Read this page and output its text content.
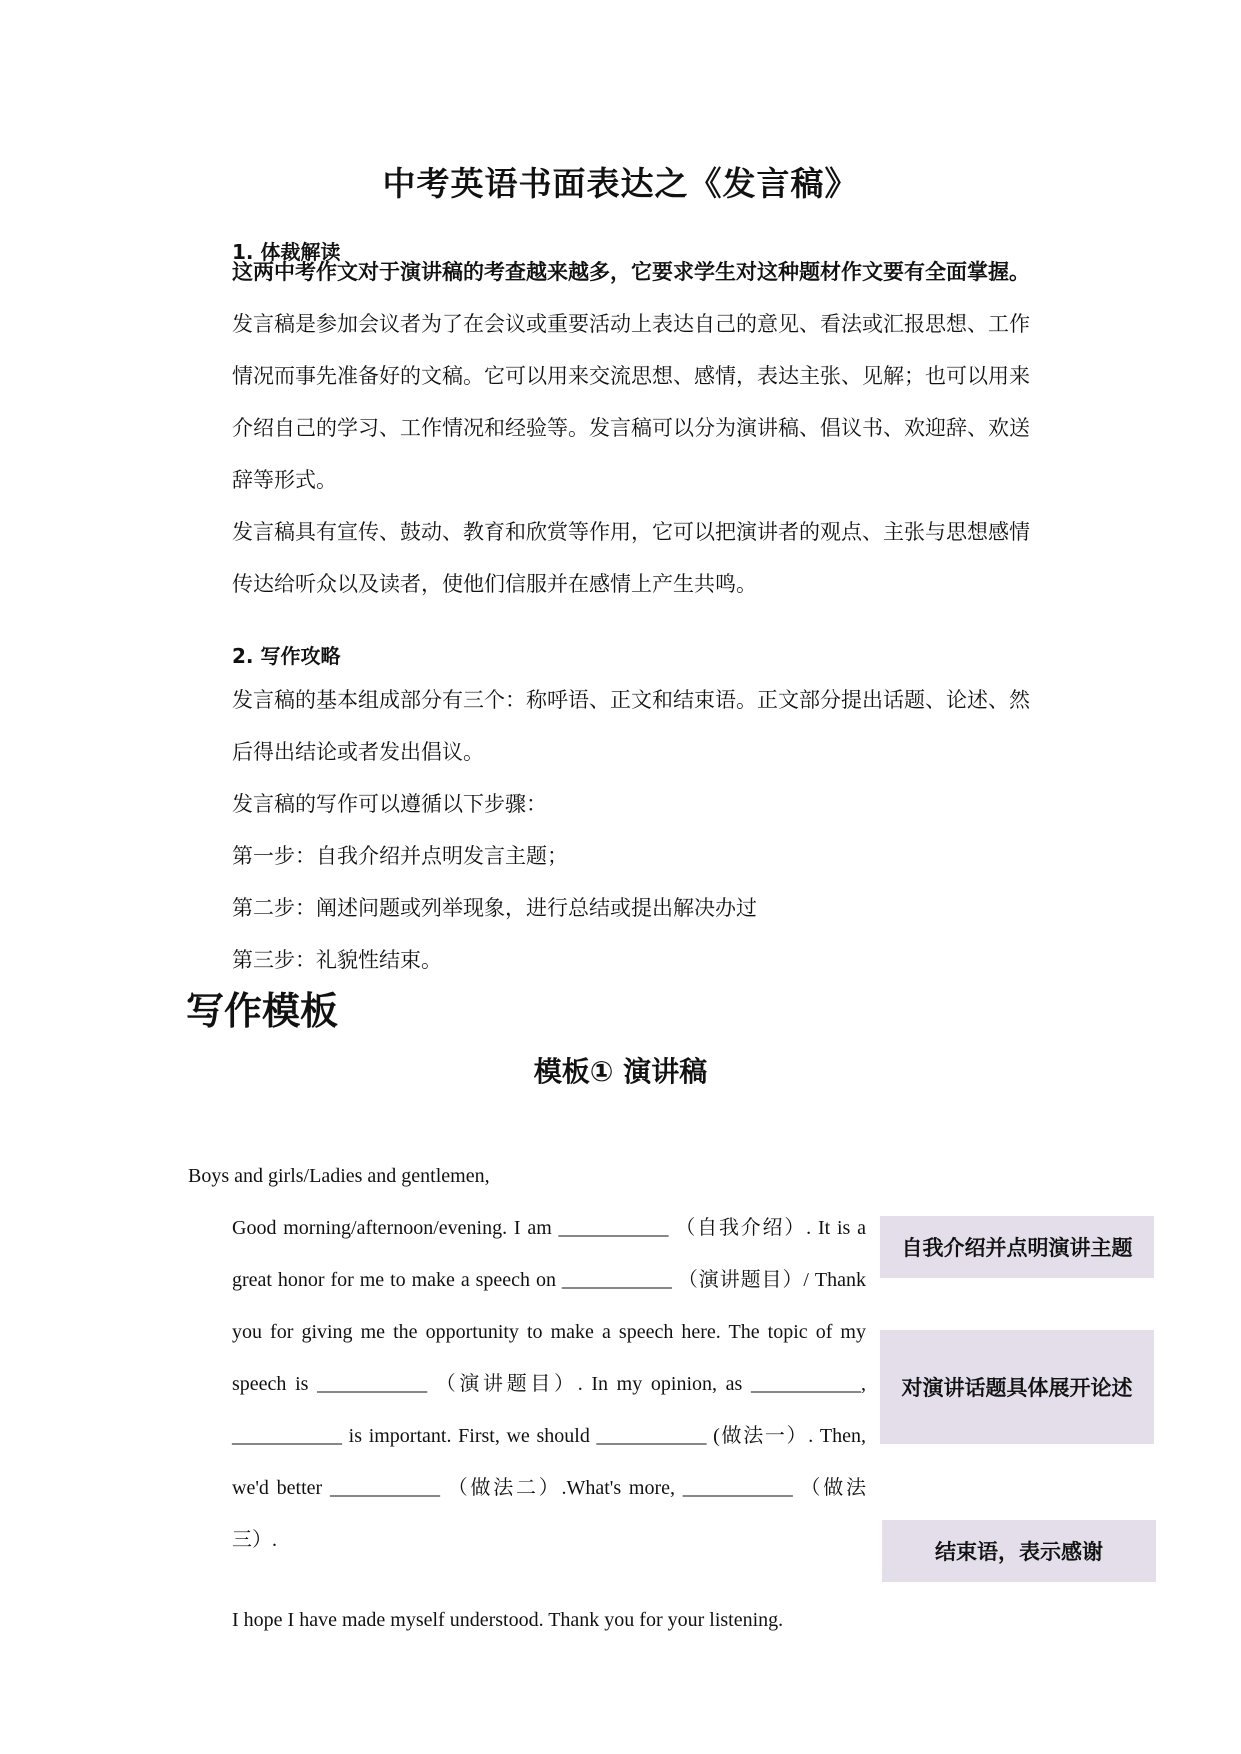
中考英语书面表达之《发言稿》
1. 体裁解读
这两中考作文对于演讲稿的考查越来越多，它要求学生对这种题材作文要有全面掌握。
发言稿是参加会议者为了在会议或重要活动上表达自己的意见、看法或汇报思想、工作情况而事先准备好的文稿。它可以用来交流思想、感情，表达主张、见解；也可以用来介绍自己的学习、工作情况和经验等。发言稿可以分为演讲稿、倡议书、欢迎辞、欢送辞等形式。
发言稿具有宣传、鼓动、教育和欣赏等作用，它可以把演讲者的观点、主张与思想感情传达给听众以及读者，使他们信服并在感情上产生共鸣。
2. 写作攻略
发言稿的基本组成部分有三个：称呼语、正文和结束语。正文部分提出话题、论述、然后得出结论或者发出倡议。
发言稿的写作可以遵循以下步骤：
第一步：自我介绍并点明发言主题；
第二步：阐述问题或列举现象，进行总结或提出解决办过
第三步：礼貌性结束。
写作模板
模板① 演讲稿
Boys and girls/Ladies and gentlemen,
Good morning/afternoon/evening. I am ___________ （自我介绍）. It is a great honor for me to make a speech on ___________ （演讲题目）/ Thank you for giving me the opportunity to make a speech here. The topic of my speech is ___________ （演讲题目）. In my opinion, as ___________, ___________ is important. First, we should ___________ (做法一）. Then, we'd better ___________ （做法二）.What's more, ___________ （做法三）.
I hope I have made myself understood. Thank you for your listening.
自我介绍并点明演讲主题
对演讲话题具体展开论述
结束语，表示感谢
